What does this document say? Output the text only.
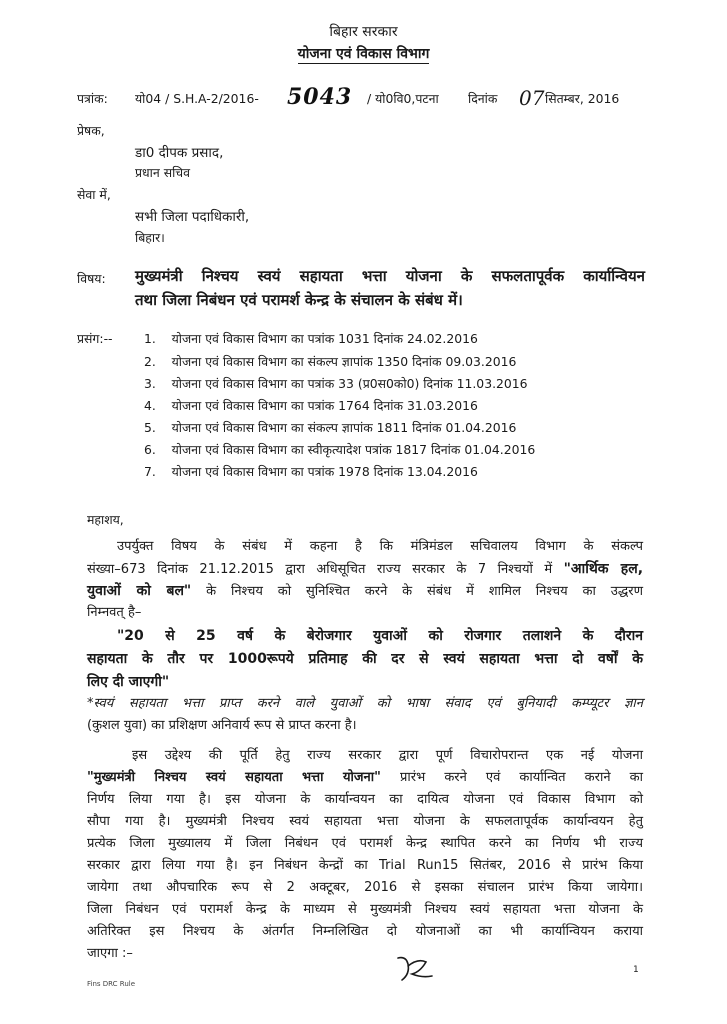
बिहार सरकार
योजना एवं विकास विभाग
पत्रांक: यो04 / S.H.A-2/2016- 5043 / यो0वि0,पटना दिनांक 07 सितम्बर, 2016
प्रेषक,
डा0 दीपक प्रसाद,
प्रधान सचिव
सेवा में,
सभी जिला पदाधिकारी,
बिहार।
विषय: मुख्यमंत्री निश्चय स्वयं सहायता भत्ता योजना के सफलतापूर्वक कार्यान्वियन
तथा जिला निबंधन एवं परामर्श केन्द्र के संचालन के संबंध में।
प्रसंग:--	1. योजना एवं विकास विभाग का पत्रांक 1031 दिनांक 24.02.2016
2. योजना एवं विकास विभाग का संकल्प ज्ञापांक 1350 दिनांक 09.03.2016
3. योजना एवं विकास विभाग का पत्रांक 33 (प्र0स0को0) दिनांक 11.03.2016
4. योजना एवं विकास विभाग का पत्रांक 1764 दिनांक 31.03.2016
5. योजना एवं विकास विभाग का संकल्प ज्ञापांक 1811 दिनांक 01.04.2016
6. योजना एवं विकास विभाग का स्वीकृत्यादेश पत्रांक 1817 दिनांक 01.04.2016
7. योजना एवं विकास विभाग का पत्रांक 1978 दिनांक 13.04.2016
महाशय,
उपर्युक्त विषय के संबंध में कहना है कि मंत्रिमंडल सचिवालय विभाग के संकल्प
संख्या–673 दिनांक 21.12.2015 द्वारा अधिसूचित राज्य सरकार के 7 निश्चयों में "आर्थिक हल,
युवाओं को बल" के निश्चय को सुनिश्चित करने के संबंध में शामिल निश्चय का उद्धरण
निम्नवत् है–
"20 से 25 वर्ष के बेरोजगार युवाओं को रोजगार तलाशने के दौरान
सहायता के तौर पर 1000रूपये प्रतिमाह की दर से स्वयं सहायता भत्ता दो वर्षों के
लिए दी जाएगी"
*स्वयं सहायता भत्ता प्राप्त करने वाले युवाओं को भाषा संवाद एवं बुनियादी कम्प्यूटर ज्ञान
(कुशल युवा) का प्रशिक्षण अनिवार्य रूप से प्राप्त करना है।
इस उद्देश्य की पूर्ति हेतु राज्य सरकार द्वारा पूर्ण विचारोपरान्त एक नई योजना
"मुख्यमंत्री निश्चय स्वयं सहायता भत्ता योजना" प्रारंभ करने एवं कार्यान्वित कराने का
निर्णय लिया गया है। इस योजना के कार्यान्वयन का दायित्व योजना एवं विकास विभाग को
सौपा गया है। मुख्यमंत्री निश्चय स्वयं सहायता भत्ता योजना के सफलतापूर्वक कार्यान्वयन हेतु
प्रत्येक जिला मुख्यालय में जिला निबंधन एवं परामर्श केन्द्र स्थापित करने का निर्णय भी राज्य
सरकार द्वारा लिया गया है। इन निबंधन केन्द्रों का Trial Run15 सितंबर, 2016 से प्रारंभ किया
जायेगा तथा औपचारिक रूप से 2 अक्टूबर, 2016 से इसका संचालन प्रारंभ किया जायेगा।
जिला निबंधन एवं परामर्श केन्द्र के माध्यम से मुख्यमंत्री निश्चय स्वयं सहायता भत्ता योजना के
अतिरिक्त इस निश्चय के अंतर्गत निम्नलिखित दो योजनाओं का भी कार्यान्वियन कराया
जाएगा :–
Fins DRC Rule
1
